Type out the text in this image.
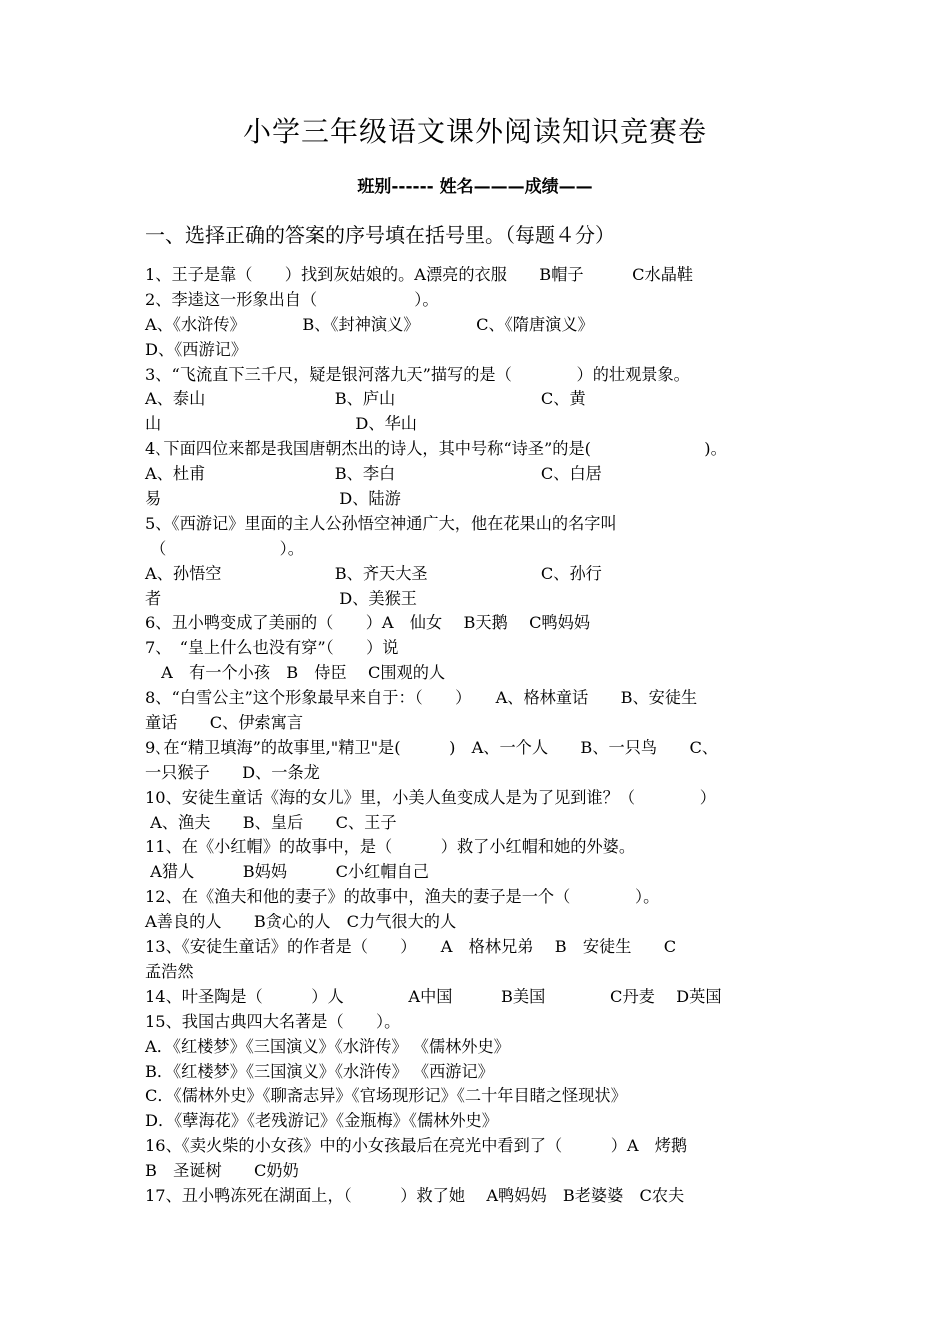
小学三年级语文课外阅读知识竞赛卷
班别------ 姓名———成绩——
一、选择正确的答案的序号填在括号里。（每题４分）
1、王子是靠（　　）找到灰姑娘的。A漂亮的衣服　　B帽子　　　C水晶鞋
2、李逵这一形象出自（　　　　　　）。
A、《水浒传》　　　　B、《封神演义》　　　　C、《隋唐演义》
D、《西游记》
3、“飞流直下三千尺，疑是银河落九天”描写的是（　　　　）的壮观景象。
A、泰山　　　　　　　　B、庐山　　　　　　　　　C、黄
山　　　　　　　　　　　　D、华山
4､下面四位来都是我国唐朝杰出的诗人，其中号称“诗圣”的是(　　　　　　　)。
A、杜甫　　　　　　　　B、李白　　　　　　　　　C、白居
易　　　　　　　　　　　D、陆游
5、《西游记》里面的主人公孙悟空神通广大，他在花果山的名字叫
（　　　　　　　）。
A、孙悟空　　　　　　　B、齐天大圣　　　　　　　C、孙行
者　　　　　　　　　　　D、美猴王
6、丑小鸭变成了美丽的（　　）A　仙女　 B天鹅　 C鸭妈妈
7、　“皇上什么也没有穿”（　　）说
　A　有一个小孩　B　侍臣　 C围观的人
8、“白雪公主”这个形象最早来自于：（　　）　　A、格林童话　　B、安徒生
童话　　C、伊索寓言
9､在“精卫填海”的故事里,"精卫"是(　　　)　A、一个人　　B、一只鸟　　C、
一只猴子　　D、一条龙
10、安徒生童话《海的女儿》里，小美人鱼变成人是为了见到谁？（　　　　）
A、渔夫　　B、皇后　　C、王子
11、在《小红帽》的故事中，是（　　　）救了小红帽和她的外婆。
A猎人　　　B妈妈　　　C小红帽自己
12、在《渔夫和他的妻子》的故事中，渔夫的妻子是一个（　　　　）。
A善良的人　　B贪心的人　C力气很大的人
13、《安徒生童话》的作者是（　　）　　A　格林兄弟　 B　安徒生　　C
孟浩然
14、叶圣陶是（　　　）人　　　　A中国　　　B美国　　　　C丹麦　 D英国
15、我国古典四大名著是（　　）。
A．《红楼梦》《三国演义》《水浒传》 《儒林外史》
B．《红楼梦》《三国演义》《水浒传》 《西游记》
C．《儒林外史》《聊斋志异》《官场现形记》《二十年目睹之怪现状》
D．《孽海花》《老残游记》《金瓶梅》《儒林外史》
16、《卖火柴的小女孩》中的小女孩最后在亮光中看到了（　　　）A　烤鹅
B　圣诞树　　C奶奶
17、丑小鸭冻死在湖面上，（　　　）救了她　 A鸭妈妈　B老婆婆　C农夫
